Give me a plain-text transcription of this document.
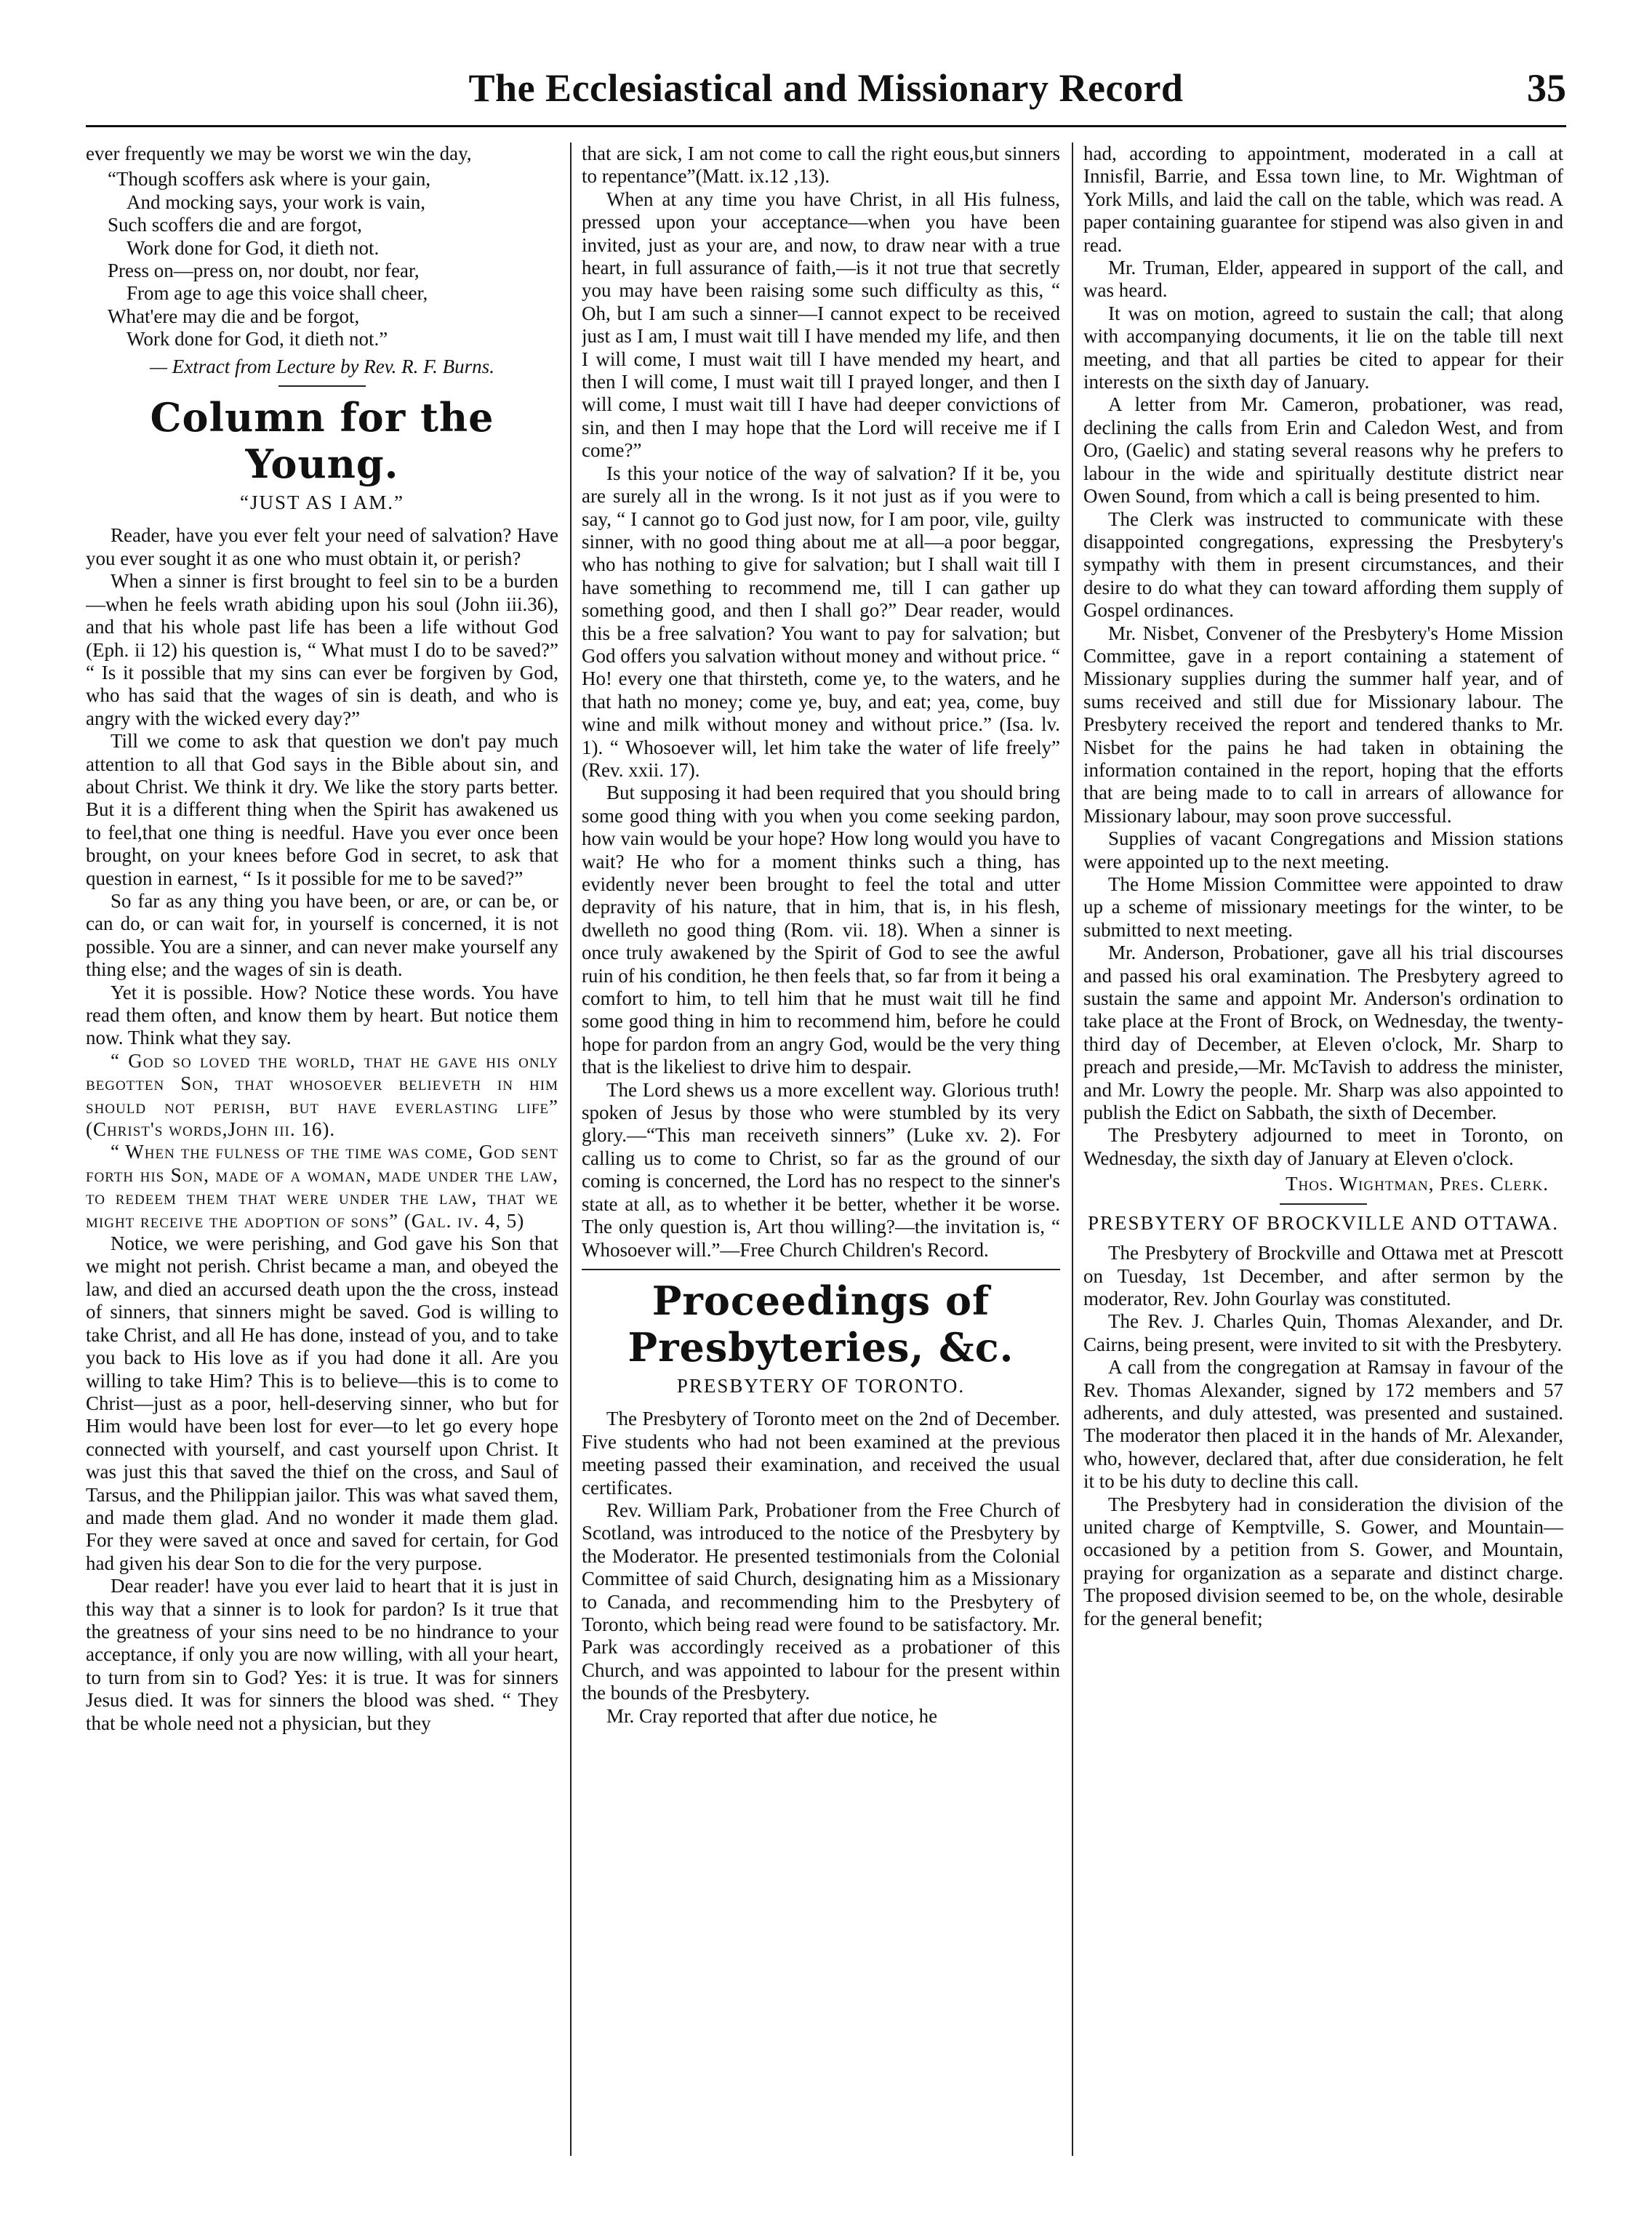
The Ecclesiastical and Missionary Record	35

ever frequently we may be worst we win the day,

“Though scoffers ask where is your gain,
And mocking says, your work is vain,
Such scoffers die and are forgot,
Work done for God, it dieth not.
Press on—press on, nor doubt, nor fear,
From age to age this voice shall cheer,
What'ere may die and be forgot,
Work done for God, it dieth not.”
— Extract from Lecture by Rev. R. F. Burns.
Column for the Young.
“JUST AS I AM.”

Reader, have you ever felt your need of salvation? Have you ever sought it as one who must obtain it, or perish?

When a sinner is first brought to feel sin to be a burden—when he feels wrath abiding upon his soul (John iii.36), and that his whole past life has been a life without God (Eph. ii 12) his question is, “ What must I do to be saved?” “ Is it possible that my sins can ever be forgiven by God, who has said that the wages of sin is death, and who is angry with the wicked every day?”

Till we come to ask that question we don't pay much attention to all that God says in the Bible about sin, and about Christ. We think it dry. We like the story parts better. But it is a different thing when the Spirit has awakened us to feel,that one thing is needful. Have you ever once been brought, on your knees before God in secret, to ask that question in earnest, “ Is it possible for me to be saved?”

So far as any thing you have been, or are, or can be, or can do, or can wait for, in yourself is concerned, it is not possible. You are a sinner, and can never make yourself any thing else; and the wages of sin is death.

Yet it is possible. How? Notice these words. You have read them often, and know them by heart. But notice them now. Think what they say.

“ God so loved the world, that he gave his only begotten Son, that whosoever believeth in him should not perish, but have everlasting life” (Christ's words,John iii. 16).

“ When the fulness of the time was come, God sent forth his Son, made of a woman, made under the law, to redeem them that were under the law, that we might receive the adoption of sons” (Gal. iv. 4, 5)

Notice, we were perishing, and God gave his Son that we might not perish. Christ became a man, and obeyed the law, and died an accursed death upon the the cross, instead of sinners, that sinners might be saved. God is willing to take Christ, and all He has done, instead of you, and to take you back to His love as if you had done it all. Are you willing to take Him? This is to believe—this is to come to Christ—just as a poor, hell-deserving sinner, who but for Him would have been lost for ever—to let go every hope connected with yourself, and cast yourself upon Christ. It was just this that saved the thief on the cross, and Saul of Tarsus, and the Philippian jailor. This was what saved them, and made them glad. And no wonder it made them glad. For they were saved at once and saved for certain, for God had given his dear Son to die for the very purpose.

Dear reader! have you ever laid to heart that it is just in this way that a sinner is to look for pardon? Is it true that the greatness of your sins need to be no hindrance to your acceptance, if only you are now willing, with all your heart, to turn from sin to God? Yes: it is true. It was for sinners Jesus died. It was for sinners the blood was shed. “ They that be whole need not a physician, but they

that are sick, I am not come to call the right eous,but sinners to repentance”(Matt. ix.12 ,13).

When at any time you have Christ, in all His fulness, pressed upon your acceptance—when you have been invited, just as your are, and now, to draw near with a true heart, in full assurance of faith,—is it not true that secretly you may have been raising some such difficulty as this, “ Oh, but I am such a sinner—I cannot expect to be received just as I am, I must wait till I have mended my life, and then I will come, I must wait till I have mended my heart, and then I will come, I must wait till I prayed longer, and then I will come, I must wait till I have had deeper convictions of sin, and then I may hope that the Lord will receive me if I come?”

Is this your notice of the way of salvation? If it be, you are surely all in the wrong. Is it not just as if you were to say, “ I cannot go to God just now, for I am poor, vile, guilty sinner, with no good thing about me at all—a poor beggar, who has nothing to give for salvation; but I shall wait till I have something to recommend me, till I can gather up something good, and then I shall go?” Dear reader, would this be a free salvation? You want to pay for salvation; but God offers you salvation without money and without price. “ Ho! every one that thirsteth, come ye, to the waters, and he that hath no money; come ye, buy, and eat; yea, come, buy wine and milk without money and without price.” (Isa. lv. 1). “ Whosoever will, let him take the water of life freely” (Rev. xxii. 17).

But supposing it had been required that you should bring some good thing with you when you come seeking pardon, how vain would be your hope? How long would you have to wait? He who for a moment thinks such a thing, has evidently never been brought to feel the total and utter depravity of his nature, that in him, that is, in his flesh, dwelleth no good thing (Rom. vii. 18). When a sinner is once truly awakened by the Spirit of God to see the awful ruin of his condition, he then feels that, so far from it being a comfort to him, to tell him that he must wait till he find some good thing in him to recommend him, before he could hope for pardon from an angry God, would be the very thing that is the likeliest to drive him to despair.

The Lord shews us a more excellent way. Glorious truth! spoken of Jesus by those who were stumbled by its very glory.—“This man receiveth sinners” (Luke xv. 2). For calling us to come to Christ, so far as the ground of our coming is concerned, the Lord has no respect to the sinner's state at all, as to whether it be better, whether it be worse. The only question is, Art thou willing?—the invitation is, “ Whosoever will.”—Free Church Children's Record.

Proceedings of Presbyteries, &c.
PRESBYTERY OF TORONTO.

The Presbytery of Toronto meet on the 2nd of December. Five students who had not been examined at the previous meeting passed their examination, and received the usual certificates.

Rev. William Park, Probationer from the Free Church of Scotland, was introduced to the notice of the Presbytery by the Moderator. He presented testimonials from the Colonial Committee of said Church, designating him as a Missionary to Canada, and recommending him to the Presbytery of Toronto, which being read were found to be satisfactory. Mr. Park was accordingly received as a probationer of this Church, and was appointed to labour for the present within the bounds of the Presbytery.

Mr. Cray reported that after due notice, he

had, according to appointment, moderated in a call at Innisfil, Barrie, and Essa town line, to Mr. Wightman of York Mills, and laid the call on the table, which was read. A paper containing guarantee for stipend was also given in and read.

Mr. Truman, Elder, appeared in support of the call, and was heard.

It was on motion, agreed to sustain the call; that along with accompanying documents, it lie on the table till next meeting, and that all parties be cited to appear for their interests on the sixth day of January.

A letter from Mr. Cameron, probationer, was read, declining the calls from Erin and Caledon West, and from Oro, (Gaelic) and stating several reasons why he prefers to labour in the wide and spiritually destitute district near Owen Sound, from which a call is being presented to him.

The Clerk was instructed to communicate with these disappointed congregations, expressing the Presbytery's sympathy with them in present circumstances, and their desire to do what they can toward affording them supply of Gospel ordinances.

Mr. Nisbet, Convener of the Presbytery's Home Mission Committee, gave in a report containing a statement of Missionary supplies during the summer half year, and of sums received and still due for Missionary labour. The Presbytery received the report and tendered thanks to Mr. Nisbet for the pains he had taken in obtaining the information contained in the report, hoping that the efforts that are being made to to call in arrears of allowance for Missionary labour, may soon prove successful.

Supplies of vacant Congregations and Mission stations were appointed up to the next meeting.

The Home Mission Committee were appointed to draw up a scheme of missionary meetings for the winter, to be submitted to next meeting.

Mr. Anderson, Probationer, gave all his trial discourses and passed his oral examination. The Presbytery agreed to sustain the same and appoint Mr. Anderson's ordination to take place at the Front of Brock, on Wednesday, the twenty-third day of December, at Eleven o'clock, Mr. Sharp to preach and preside,—Mr. McTavish to address the minister, and Mr. Lowry the people. Mr. Sharp was also appointed to publish the Edict on Sabbath, the sixth of December.

The Presbytery adjourned to meet in Toronto, on Wednesday, the sixth day of January at Eleven o'clock.

Thos. Wightman, Pres. Clerk.
PRESBYTERY OF BROCKVILLE AND OTTAWA.

The Presbytery of Brockville and Ottawa met at Prescott on Tuesday, 1st December, and after sermon by the moderator, Rev. John Gourlay was constituted.

The Rev. J. Charles Quin, Thomas Alexander, and Dr. Cairns, being present, were invited to sit with the Presbytery.

A call from the congregation at Ramsay in favour of the Rev. Thomas Alexander, signed by 172 members and 57 adherents, and duly attested, was presented and sustained. The moderator then placed it in the hands of Mr. Alexander, who, however, declared that, after due consideration, he felt it to be his duty to decline this call.

The Presbytery had in consideration the division of the united charge of Kemptville, S. Gower, and Mountain—occasioned by a petition from S. Gower, and Mountain, praying for organization as a separate and distinct charge. The proposed division seemed to be, on the whole, desirable for the general benefit;
